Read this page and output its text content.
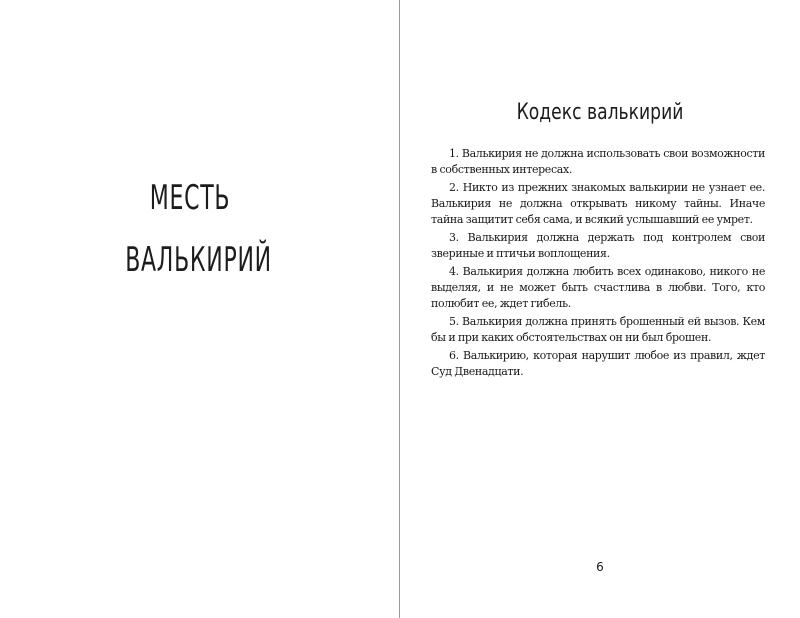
МЕСТЬ
ВАЛЬКИРИЙ
Кодекс валькирий
1. Валькирия не должна использовать свои возможности в собственных интересах.
2. Никто из прежних знакомых валькирии не узнает ее. Валькирия не должна открывать никому тайны. Иначе тайна защитит себя сама, и всякий услышавший ее умрет.
3. Валькирия должна держать под контролем свои звериные и птичьи воплощения.
4. Валькирия должна любить всех одинаково, никого не выделяя, и не может быть счастлива в любви. Того, кто полюбит ее, ждет гибель.
5. Валькирия должна принять брошенный ей вызов. Кем бы и при каких обстоятельствах он ни был брошен.
6. Валькирию, которая нарушит любое из правил, ждет Суд Двенадцати.
6
